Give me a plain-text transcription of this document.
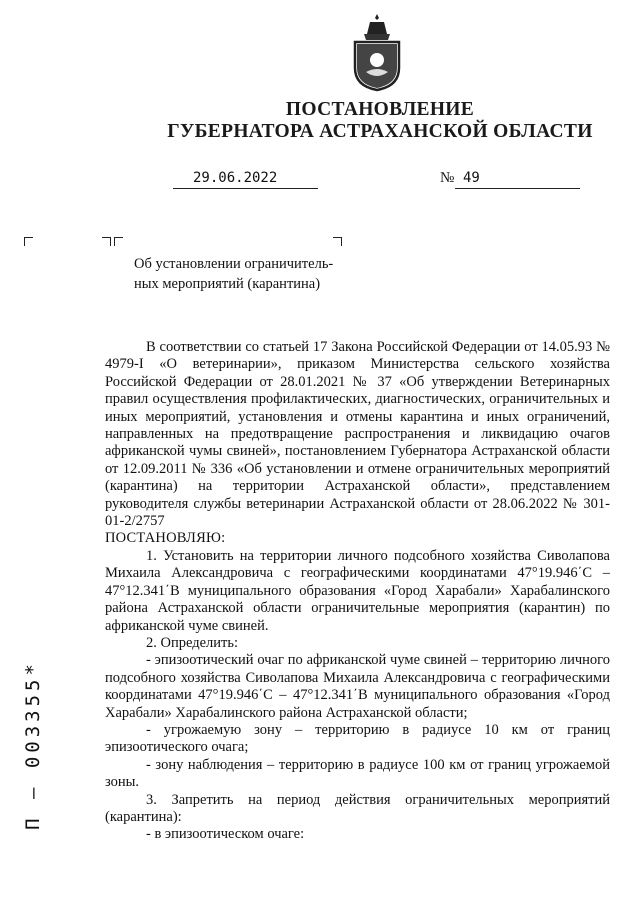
ПОСТАНОВЛЕНИЕ
ГУБЕРНАТОРА АСТРАХАНСКОЙ ОБЛАСТИ
29.06.2022	№ 49
Об установлении ограничитель-
ных мероприятий (карантина)
В соответствии со статьей 17 Закона Российской Федерации от 14.05.93 № 4979-I «О ветеринарии», приказом Министерства сельского хозяйства Российской Федерации от 28.01.2021 № 37 «Об утверждении Ветеринарных правил осуществления профилактических, диагностических, ограничительных и иных мероприятий, установления и отмены карантина и иных ограничений, направленных на предотвращение распространения и ликвидацию очагов африканской чумы свиней», постановлением Губернатора Астраханской области от 12.09.2011 № 336 «Об установлении и отмене ограничительных мероприятий (карантина) на территории Астраханской области», представлением руководителя службы ветеринарии Астраханской области от 28.06.2022 № 301-01-2/2757
ПОСТАНОВЛЯЮ:
1. Установить на территории личного подсобного хозяйства Сиволапова Михаила Александровича с географическими координатами 47°19.946΄С – 47°12.341΄В муниципального образования «Город Харабали» Харабалинского района Астраханской области ограничительные мероприятия (карантин) по африканской чуме свиней.
2. Определить:
- эпизоотический очаг по африканской чуме свиней – территорию личного подсобного хозяйства Сиволапова Михаила Александровича с географическими координатами 47°19.946΄С – 47°12.341΄В муниципального образования «Город Харабали» Харабалинского района Астраханской области;
- угрожаемую зону – территорию в радиусе 10 км от границ эпизоотического очага;
- зону наблюдения – территорию в радиусе 100 км от границ угрожаемой зоны.
3. Запретить на период действия ограничительных мероприятий (карантина):
- в эпизоотическом очаге:
П – 003355*
